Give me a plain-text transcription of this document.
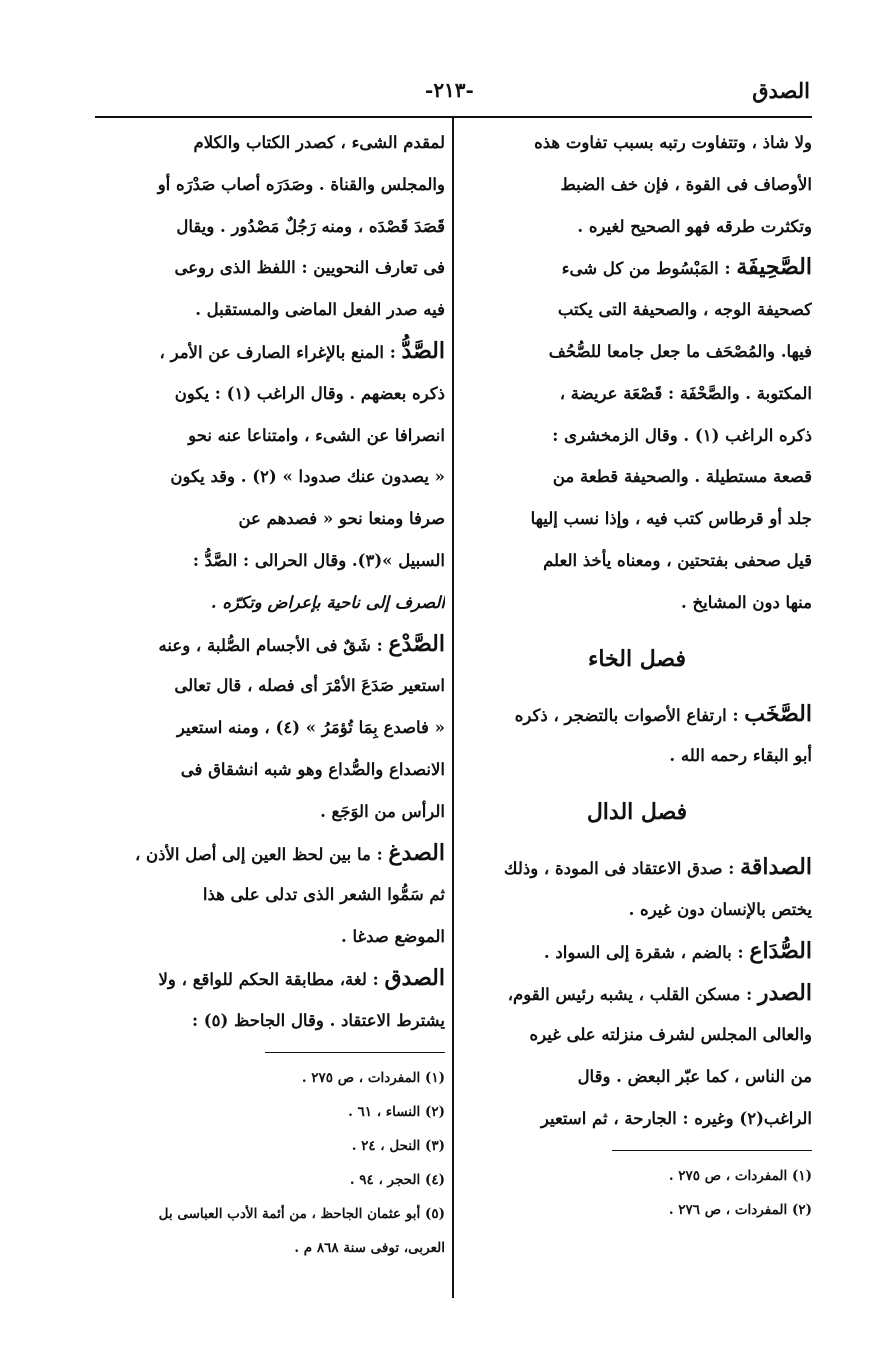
الصدق
-٢١٣-
ولا شاذ ، وتتفاوت رتبه بسبب تفاوت هذه
الأوصاف فى القوة ، فإن خف الضبط
وتكثرت طرقه فهو الصحيح لغيره .
الصَّحِيفَة : المَبْسُوط من كل شىء
كصحيفة الوجه ، والصحيفة التى يكتب
فيها. والمُصْحَف ما جعل جامعا للصُّحُف
المكتوبة . والصَّحْفَة : قَصْعَة عريضة ،
ذكره الراغب (١) . وقال الزمخشرى :
قصعة مستطيلة . والصحيفة قطعة من
جلد أو قرطاس كتب فيه ، وإذا نسب إليها
قيل صحفى بفتحتين ، ومعناه يأخذ العلم
منها دون المشايخ .
فصل الخاء
الصَّخَب : ارتفاع الأصوات بالتضجر ، ذكره
أبو البقاء رحمه الله .
فصل الدال
الصداقة : صدق الاعتقاد فى المودة ، وذلك
يختص بالإنسان دون غيره .
الصُّدَاع : بالضم ، شقرة إلى السواد .
الصدر : مسكن القلب ، يشبه رئيس القوم،
والعالى المجلس لشرف منزلته على غيره
من الناس ، كما عبّر البعض . وقال
الراغب(٢) وغيره : الجارحة ، ثم استعير
(١) المفردات ، ص ٢٧٥ .
(٢) المفردات ، ص ٢٧٦ .
لمقدم الشىء ، كصدر الكتاب والكلام
والمجلس والقناة . وصَدَرَه أصاب صَدْرَه أو
قَصَدَ قَصْدَه ، ومنه رَجُلٌ مَصْدُور . ويقال
فى تعارف النحويين : اللفظ الذى روعى
فيه صدر الفعل الماضى والمستقبل .
الصَّدُّ : المنع بالإغراء الصارف عن الأمر ،
ذكره بعضهم . وقال الراغب (١) : يكون
انصرافا عن الشىء ، وامتناعا عنه نحو
« يصدون عنك صدودا » (٢) . وقد يكون
صرفا ومنعا نحو « فصدهم عن
السبيل »(٣). وقال الحرالى : الصَّدُّ :
الصرف إلى ناحية بإعراض وتكرّه .
الصَّدْع : شَقٌ فى الأجسام الصُّلبة ، وعنه
استعير صَدَعَ الأمْرَ أى فصله ، قال تعالى
« فاصدع بِمَا تُؤمَرُ » (٤) ، ومنه استعير
الانصداع والصُّداع وهو شبه انشقاق فى
الرأس من الوَجَع .
الصدغ : ما بين لحظ العين إلى أصل الأذن ،
ثم سَمُّوا الشعر الذى تدلى على هذا
الموضع صدغا .
الصدق : لغة، مطابقة الحكم للواقع ، ولا
يشترط الاعتقاد . وقال الجاحظ (٥) :
(١) المفردات ، ص ٢٧٥ .
(٢) النساء ، ٦١ .
(٣) النحل ، ٢٤ .
(٤) الحجر ، ٩٤ .
(٥) أبو عثمان الجاحظ ، من أئمة الأدب العباسى بل
العربى، توفى سنة ٨٦٨ م .
